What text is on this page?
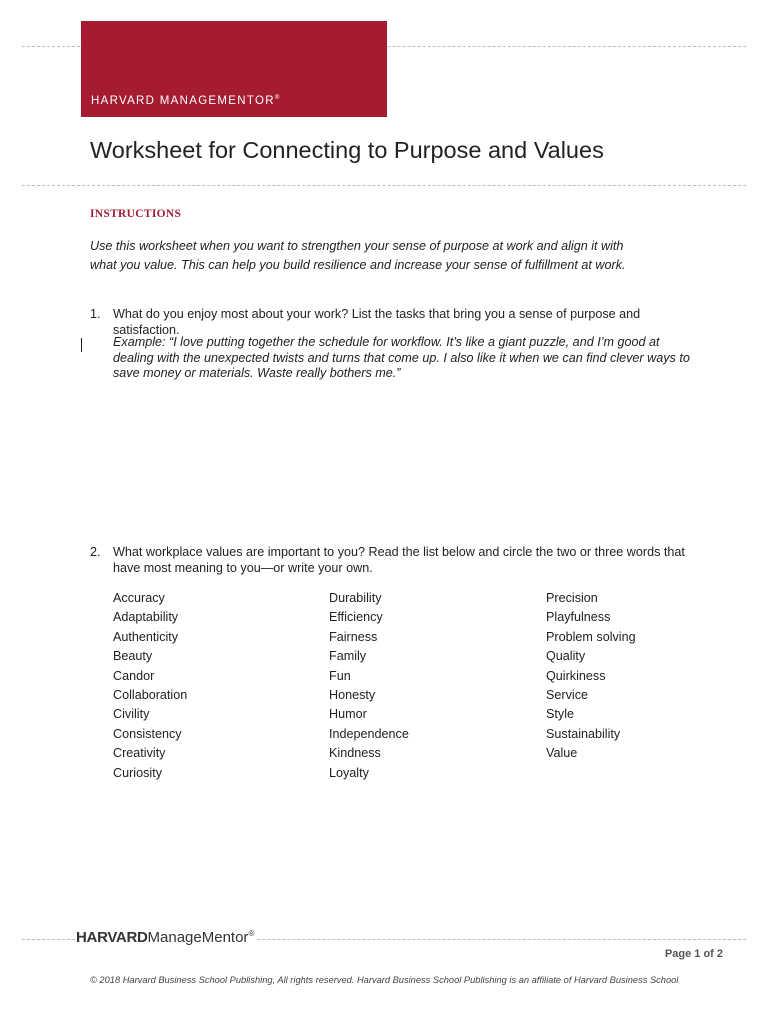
HARVARD MANAGEMENTOR®
Worksheet for Connecting to Purpose and Values
INSTRUCTIONS
Use this worksheet when you want to strengthen your sense of purpose at work and align it with what you value. This can help you build resilience and increase your sense of fulfillment at work.
1. What do you enjoy most about your work? List the tasks that bring you a sense of purpose and satisfaction.
Example: “I love putting together the schedule for workflow. It’s like a giant puzzle, and I’m good at dealing with the unexpected twists and turns that come up. I also like it when we can find clever ways to save money or materials. Waste really bothers me.”
2. What workplace values are important to you? Read the list below and circle the two or three words that have most meaning to you—or write your own.
Accuracy
Adaptability
Authenticity
Beauty
Candor
Collaboration
Civility
Consistency
Creativity
Curiosity
Durability
Efficiency
Fairness
Family
Fun
Honesty
Humor
Independence
Kindness
Loyalty
Precision
Playfulness
Problem solving
Quality
Quirkiness
Service
Style
Sustainability
Value
HARVARDManageMentor®
Page 1 of 2
© 2018 Harvard Business School Publishing, All rights reserved. Harvard Business School Publishing is an affiliate of Harvard Business School
